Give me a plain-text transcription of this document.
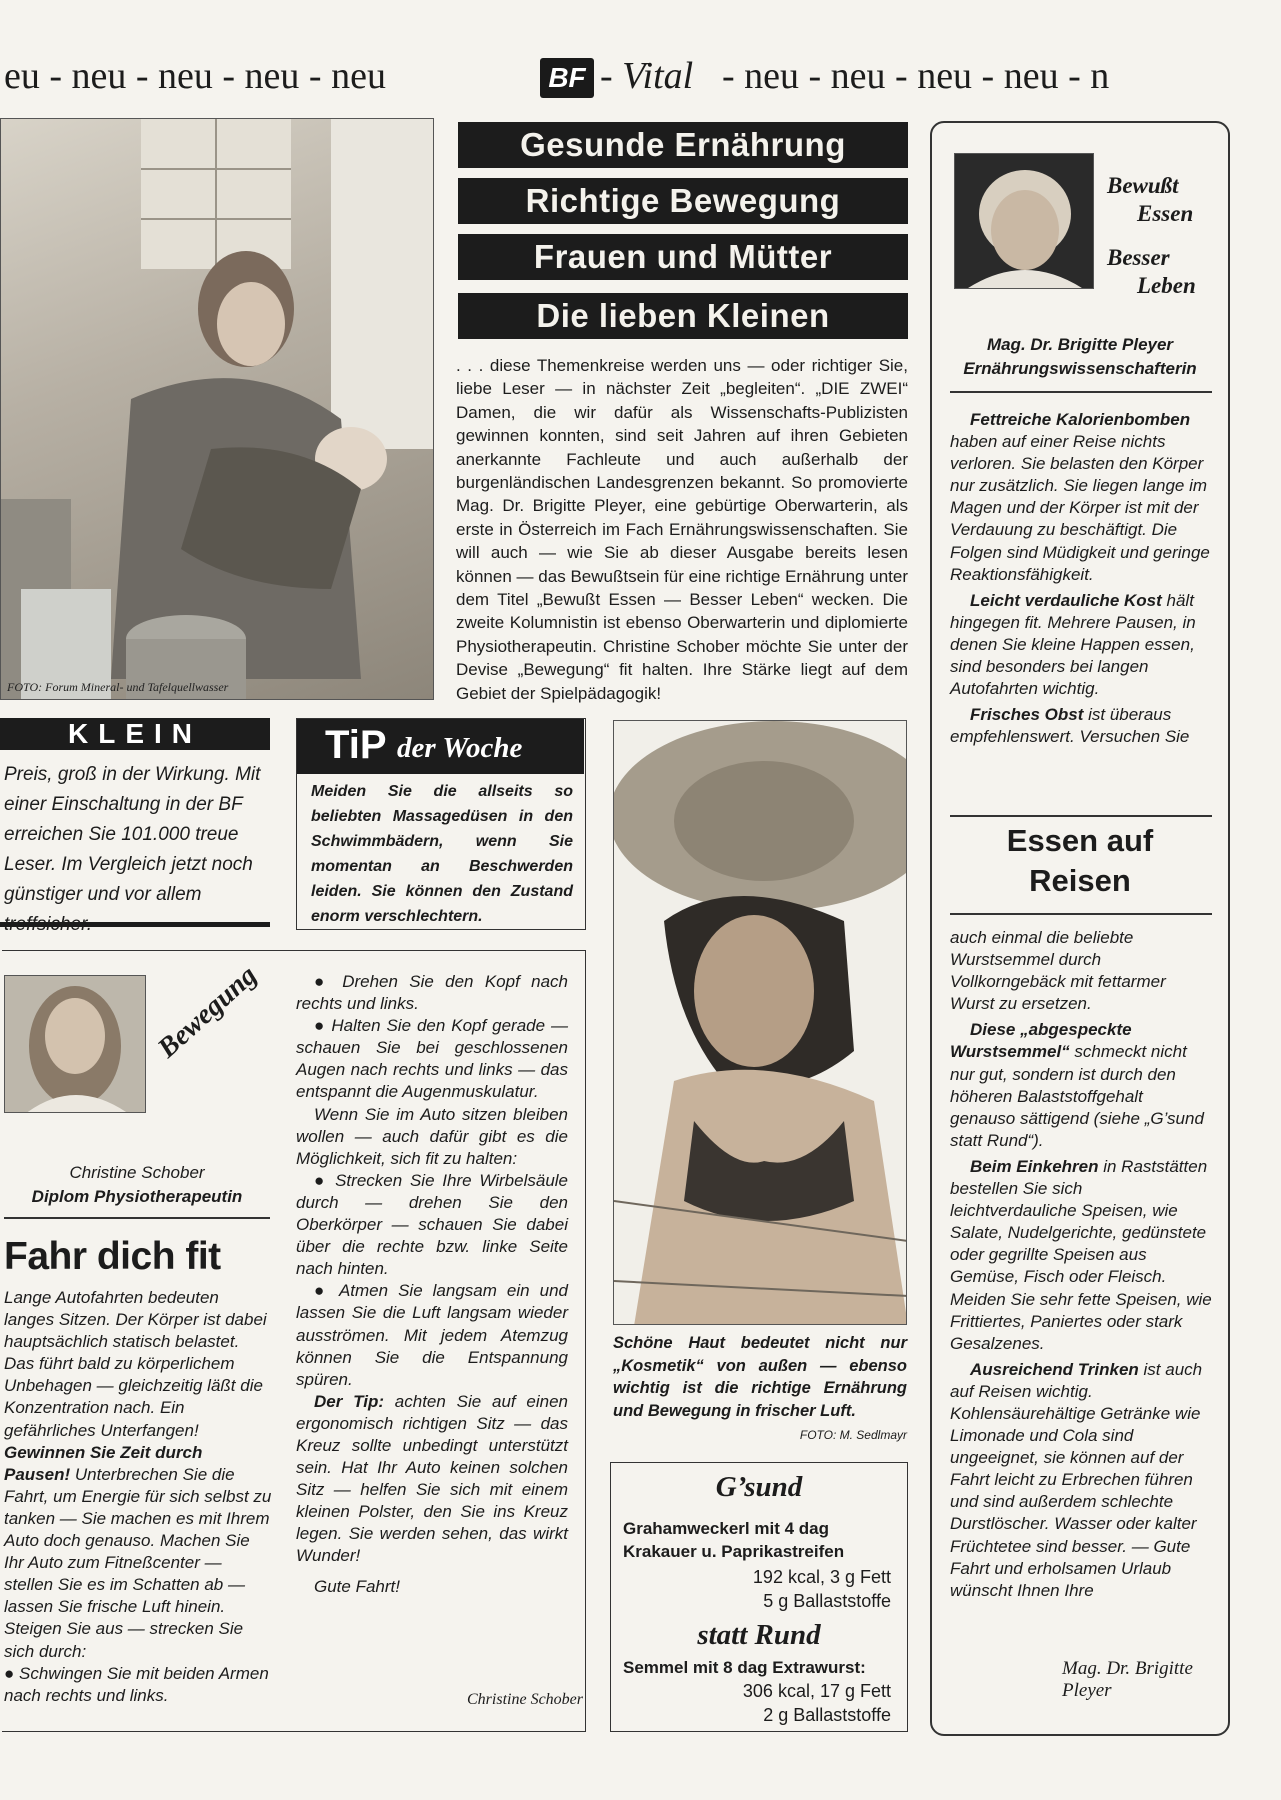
eu - neu - neu - neu - neu	BF - Vital - neu - neu - neu - neu - n
FOTO: Forum Mineral- und Tafelquellwasser
Gesunde Ernährung
Richtige Bewegung
Frauen und Mütter
Die lieben Kleinen
. . . diese Themenkreise werden uns — oder richtiger Sie, liebe Leser — in nächster Zeit „begleiten“. „DIE ZWEI“ Damen, die wir dafür als Wissenschafts-Publizisten gewinnen konnten, sind seit Jahren auf ihren Gebieten anerkannte Fachleute und auch außerhalb der burgenländischen Landesgrenzen bekannt. So promovierte Mag. Dr. Brigitte Pleyer, eine gebürtige Oberwarterin, als erste in Österreich im Fach Ernährungswissenschaften. Sie will auch — wie Sie ab dieser Ausgabe bereits lesen können — das Bewußtsein für eine richtige Ernährung unter dem Titel „Bewußt Essen — Besser Leben“ wecken. Die zweite Kolumnistin ist ebenso Oberwarterin und diplomierte Physiotherapeutin. Christine Schober möchte Sie unter der Devise „Bewegung“ fit halten. Ihre Stärke liegt auf dem Gebiet der Spielpädagogik!
Bewußt
Essen
Besser
Leben
Mag. Dr. Brigitte Pleyer
Ernährungswissenschafterin

Fettreiche Kalorienbomben haben auf einer Reise nichts verloren. Sie belasten den Körper nur zusätzlich. Sie liegen lange im Magen und der Körper ist mit der Verdauung zu beschäftigt. Die Folgen sind Müdigkeit und geringe Reaktionsfähigkeit.

Leicht verdauliche Kost hält hingegen fit. Mehrere Pausen, in denen Sie kleine Happen essen, sind besonders bei langen Autofahrten wichtig.

Frisches Obst ist überaus empfehlenswert. Versuchen Sie

Essen auf
Reisen

auch einmal die beliebte Wurstsemmel durch Vollkorngebäck mit fettarmer Wurst zu ersetzen.

Diese „abgespeckte Wurstsemmel“ schmeckt nicht nur gut, sondern ist durch den höheren Balaststoffgehalt genauso sättigend (siehe „G’sund statt Rund“).

Beim Einkehren in Raststätten bestellen Sie sich leichtverdauliche Speisen, wie Salate, Nudelgerichte, gedünstete oder gegrillte Speisen aus Gemüse, Fisch oder Fleisch. Meiden Sie sehr fette Speisen, wie Frittiertes, Paniertes oder stark Gesalzenes.

Ausreichend Trinken ist auch auf Reisen wichtig. Kohlensäurehältige Getränke wie Limonade und Cola sind ungeeignet, sie können auf der Fahrt leicht zu Erbrechen führen und sind außerdem schlechte Durstlöscher. Wasser oder kalter Früchtetee sind besser. — Gute Fahrt und erholsamen Urlaub wünscht Ihnen Ihre

Mag. Dr. Brigitte Pleyer
KLEIN
Preis, groß in der Wirkung. Mit einer Einschaltung in der BF erreichen Sie 101.000 treue Leser. Im Vergleich jetzt noch günstiger und vor allem
TiP der Woche
Meiden Sie die allseits so beliebten Massagedüsen in den Schwimmbädern, wenn Sie momentan an Beschwerden leiden. Sie können den Zustand enorm verschlechtern.
Schöne Haut bedeutet nicht nur „Kosmetik“ von außen — ebenso wichtig ist die richtige Ernährung und Bewegung in frischer Luft.
FOTO: M. Sedlmayr
G’sund
Grahamweckerl mit 4 dag Krakauer u. Paprikastreifen
192 kcal, 3 g Fett
5 g Ballaststoffe
statt Rund
Semmel mit 8 dag Extrawurst:
306 kcal, 17 g Fett
2 g Ballaststoffe
Bewegung
Christine Schober
Diplom Physiotherapeutin
Fahr dich fit

Lange Autofahrten bedeuten langes Sitzen. Der Körper ist dabei hauptsächlich statisch belastet. Das führt bald zu körperlichem Unbehagen — gleichzeitig läßt die Konzentration nach. Ein gefährliches Unterfangen!

Gewinnen Sie Zeit durch Pausen! Unterbrechen Sie die Fahrt, um Energie für sich selbst zu tanken — Sie machen es mit Ihrem Auto doch genauso. Machen Sie Ihr Auto zum Fitneßcenter — stellen Sie es im Schatten ab — lassen Sie frische Luft hinein. Steigen Sie aus — strecken Sie sich durch:

● Schwingen Sie mit beiden Armen nach rechts und links.

● Drehen Sie den Kopf nach rechts und links.

● Halten Sie den Kopf gerade — schauen Sie bei geschlossenen Augen nach rechts und links — das entspannt die Augenmuskulatur.

Wenn Sie im Auto sitzen bleiben wollen — auch dafür gibt es die Möglichkeit, sich fit zu halten:

● Strecken Sie Ihre Wirbelsäule durch — drehen Sie den Oberkörper — schauen Sie dabei über die rechte bzw. linke Seite nach hinten.

● Atmen Sie langsam ein und lassen Sie die Luft langsam wieder ausströmen. Mit jedem Atemzug können Sie die Entspannung spüren.

Der Tip: achten Sie auf einen ergonomisch richtigen Sitz — das Kreuz sollte unbedingt unterstützt sein. Hat Ihr Auto keinen solchen Sitz — helfen Sie sich mit einem kleinen Polster, den Sie ins Kreuz legen. Sie werden sehen, das wirkt Wunder!

Gute Fahrt!

Christine Schober
